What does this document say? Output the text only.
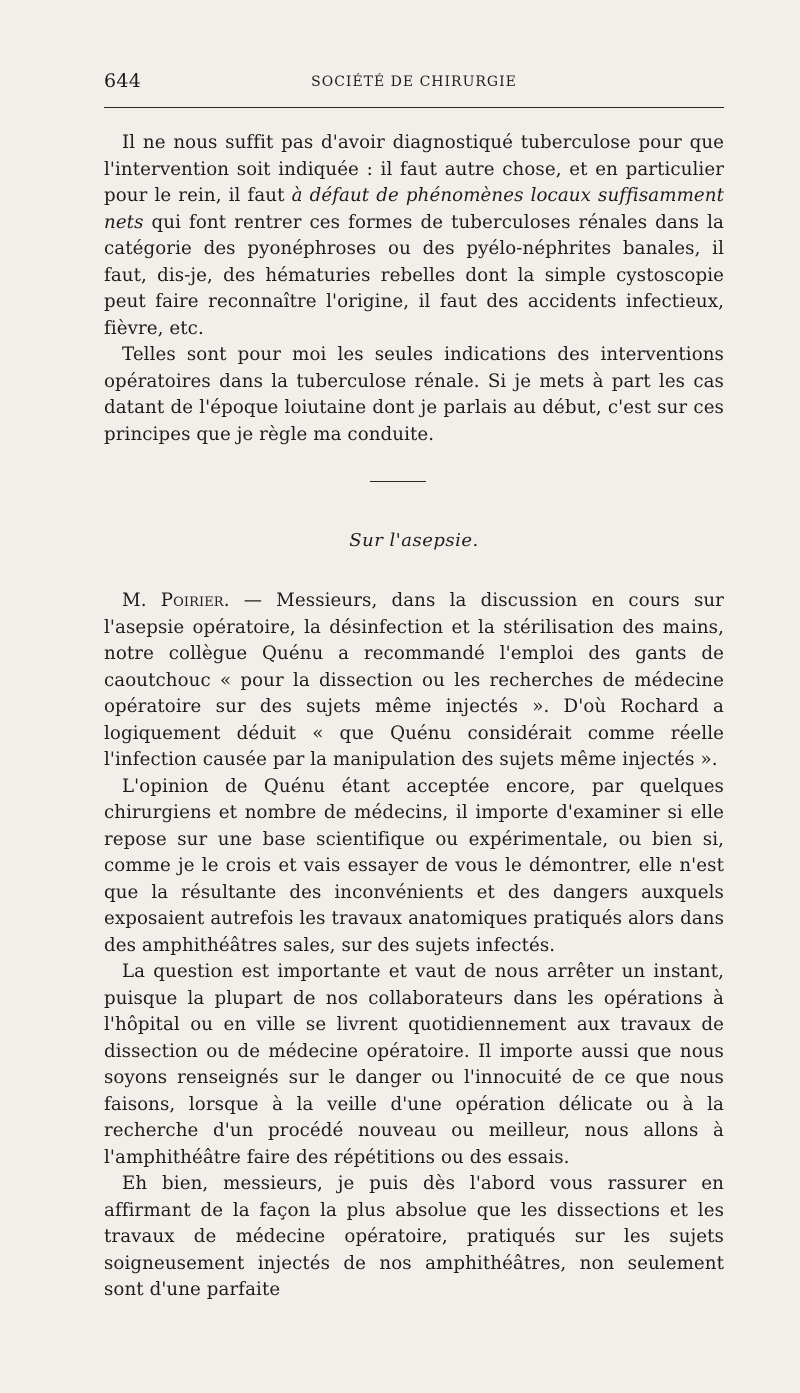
644	SOCIÉTÉ DE CHIRURGIE

Il ne nous suffit pas d'avoir diagnostiqué tuberculose pour que l'intervention soit indiquée : il faut autre chose, et en particulier pour le rein, il faut à défaut de phénomènes locaux suffisamment nets qui font rentrer ces formes de tuberculoses rénales dans la catégorie des pyonéphroses ou des pyélo-néphrites banales, il faut, dis-je, des hématuries rebelles dont la simple cystoscopie peut faire reconnaître l'origine, il faut des accidents infectieux, fièvre, etc.

Telles sont pour moi les seules indications des interventions opératoires dans la tuberculose rénale. Si je mets à part les cas datant de l'époque loiutaine dont je parlais au début, c'est sur ces principes que je règle ma conduite.

Sur l'asepsie.

M. Poirier. — Messieurs, dans la discussion en cours sur l'asepsie opératoire, la désinfection et la stérilisation des mains, notre collègue Quénu a recommandé l'emploi des gants de caoutchouc « pour la dissection ou les recherches de médecine opératoire sur des sujets même injectés ». D'où Rochard a logiquement déduit « que Quénu considérait comme réelle l'infection causée par la manipulation des sujets même injectés ».

L'opinion de Quénu étant acceptée encore, par quelques chirurgiens et nombre de médecins, il importe d'examiner si elle repose sur une base scientifique ou expérimentale, ou bien si, comme je le crois et vais essayer de vous le démontrer, elle n'est que la résultante des inconvénients et des dangers auxquels exposaient autrefois les travaux anatomiques pratiqués alors dans des amphithéâtres sales, sur des sujets infectés.

La question est importante et vaut de nous arrêter un instant, puisque la plupart de nos collaborateurs dans les opérations à l'hôpital ou en ville se livrent quotidiennement aux travaux de dissection ou de médecine opératoire. Il importe aussi que nous soyons renseignés sur le danger ou l'innocuité de ce que nous faisons, lorsque à la veille d'une opération délicate ou à la recherche d'un procédé nouveau ou meilleur, nous allons à l'amphithéâtre faire des répétitions ou des essais.

Eh bien, messieurs, je puis dès l'abord vous rassurer en affirmant de la façon la plus absolue que les dissections et les travaux de médecine opératoire, pratiqués sur les sujets soigneusement injectés de nos amphithéâtres, non seulement sont d'une parfaite
